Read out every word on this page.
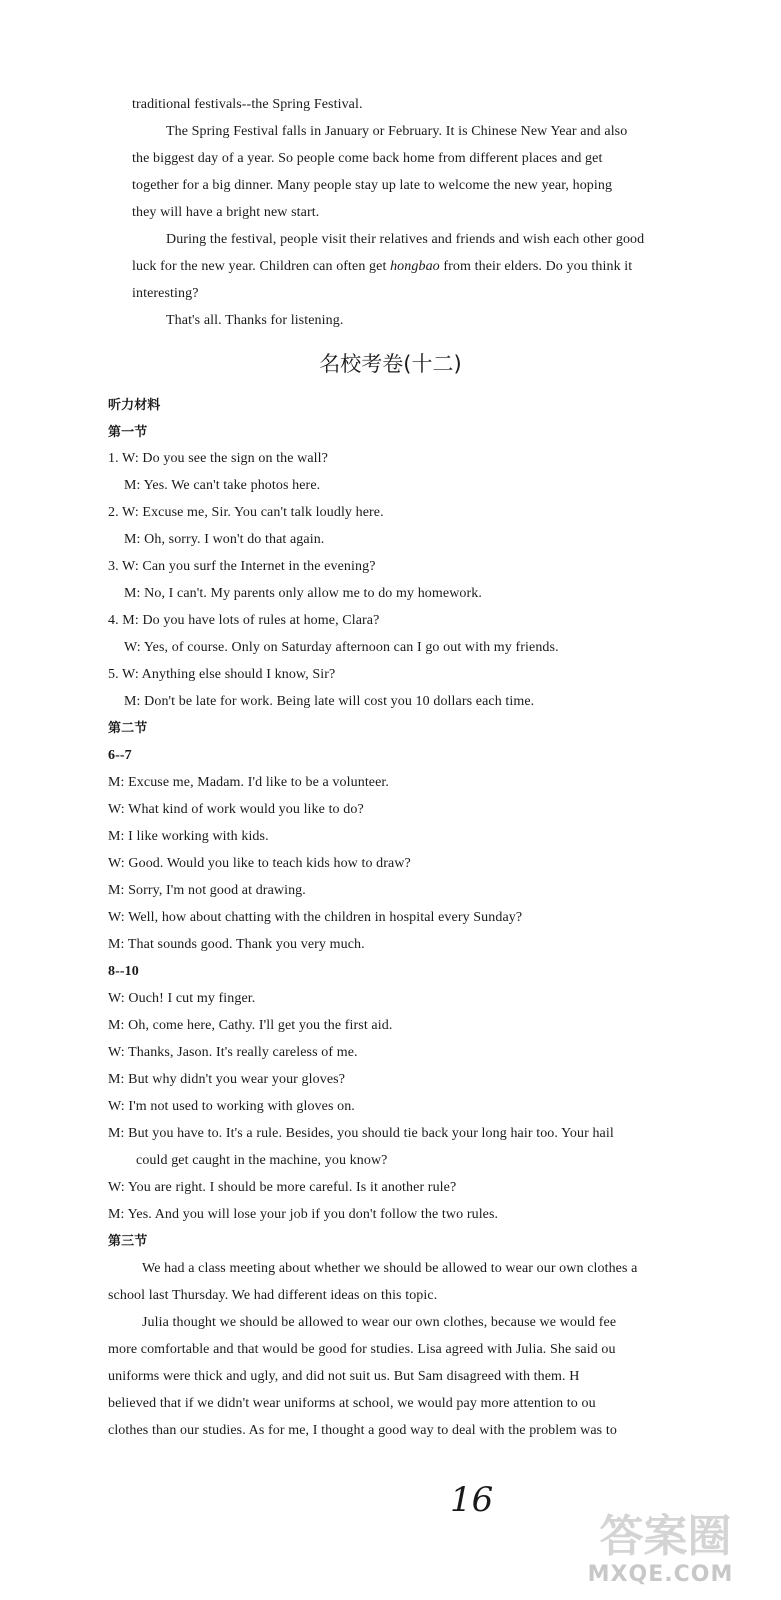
traditional festivals--the Spring Festival.
The Spring Festival falls in January or February. It is Chinese New Year and also
the biggest day of a year. So people come back home from different places and get
together for a big dinner. Many people stay up late to welcome the new year, hoping
they will have a bright new start.
During the festival, people visit their relatives and friends and wish each other good
luck for the new year. Children can often get hongbao from their elders. Do you think it
interesting?
That's all. Thanks for listening.
名校考卷(十二)
听力材料
第一节
1. W: Do you see the sign on the wall?
M: Yes. We can't take photos here.
2. W: Excuse me, Sir. You can't talk loudly here.
M: Oh, sorry. I won't do that again.
3. W: Can you surf the Internet in the evening?
M: No, I can't. My parents only allow me to do my homework.
4. M: Do you have lots of rules at home, Clara?
W: Yes, of course. Only on Saturday afternoon can I go out with my friends.
5. W: Anything else should I know, Sir?
M: Don't be late for work. Being late will cost you 10 dollars each time.
第二节
6--7
M: Excuse me, Madam. I'd like to be a volunteer.
W: What kind of work would you like to do?
M: I like working with kids.
W: Good. Would you like to teach kids how to draw?
M: Sorry, I'm not good at drawing.
W: Well, how about chatting with the children in hospital every Sunday?
M: That sounds good. Thank you very much.
8--10
W: Ouch! I cut my finger.
M: Oh, come here, Cathy. I'll get you the first aid.
W: Thanks, Jason. It's really careless of me.
M: But why didn't you wear your gloves?
W: I'm not used to working with gloves on.
M: But you have to. It's a rule. Besides, you should tie back your long hair too. Your hail
could get caught in the machine, you know?
W: You are right. I should be more careful. Is it another rule?
M: Yes. And you will lose your job if you don't follow the two rules.
第三节
We had a class meeting about whether we should be allowed to wear our own clothes a
school last Thursday. We had different ideas on this topic.
Julia thought we should be allowed to wear our own clothes, because we would fee
more comfortable and that would be good for studies. Lisa agreed with Julia. She said ou
uniforms were thick and ugly, and did not suit us. But Sam disagreed with them. H
believed that if we didn't wear uniforms at school, we would pay more attention to ou
clothes than our studies. As for me, I thought a good way to deal with the problem was to
16
答案圈
MXQE.COM
